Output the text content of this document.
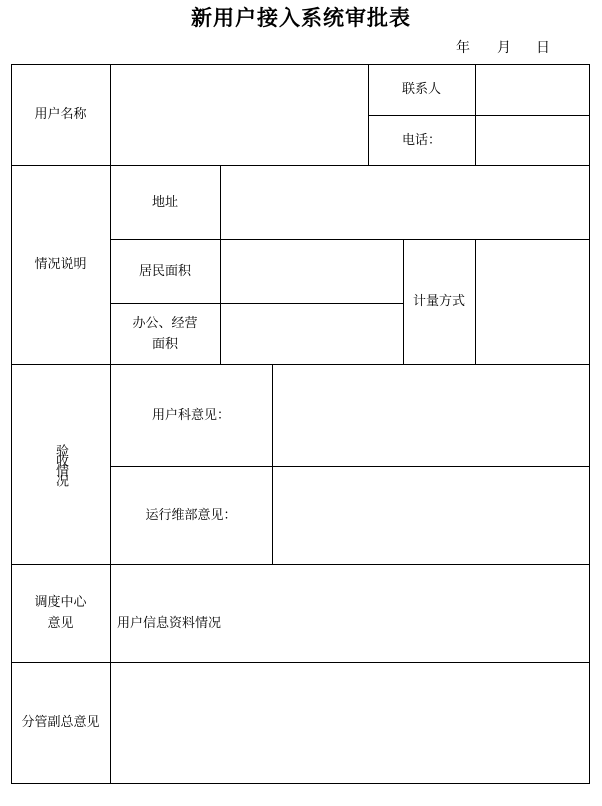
新用户接入系统审批表
年 月 日
用户名称
联系人
电话：
情况说明
地址
居民面积
办公、经营
面积
计量方式
验收情况
用户科意见：
运行维部意见：
调度中心
意见	用户信息资料情况
分管副总意见
